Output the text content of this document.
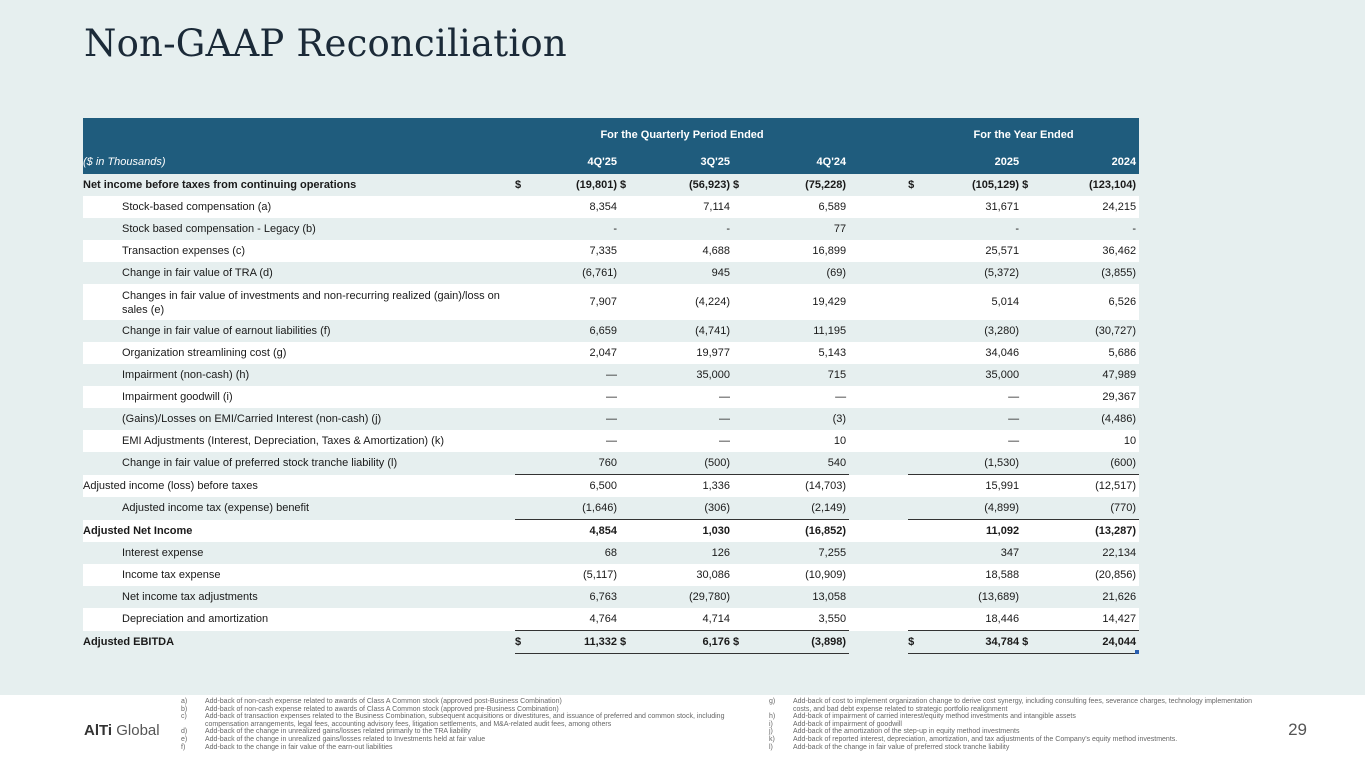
Non-GAAP Reconciliation
	For the Quarterly Period Ended							For the Year Ended			
($ in Thousands)		4Q'25		3Q'25		4Q'24			2025		2024
Net income before taxes from continuing operations	$	(19,801)	$	(56,923)	$	(75,228)		$	(105,129)	$	(123,104)
Stock-based compensation (a)		8,354		7,114		6,589			31,671		24,215
Stock based compensation - Legacy (b)		-		-		77			-		-
Transaction expenses (c)		7,335		4,688		16,899			25,571		36,462
Change in fair value of TRA (d)		(6,761)		945		(69)			(5,372)		(3,855)
Changes in fair value of investments and non-recurring realized (gain)/loss on sales (e)		7,907		(4,224)		19,429			5,014		6,526
Change in fair value of earnout liabilities (f)		6,659		(4,741)		11,195			(3,280)		(30,727)
Organization streamlining cost (g)		2,047		19,977		5,143			34,046		5,686
Impairment (non-cash) (h)		—		35,000		715			35,000		47,989
Impairment goodwill (i)		—		—		—			—		29,367
(Gains)/Losses on EMI/Carried Interest (non-cash) (j)		—		—		(3)			—		(4,486)
EMI Adjustments (Interest, Depreciation, Taxes & Amortization) (k)		—		—		10			—		10
Change in fair value of preferred stock tranche liability (l)		760		(500)		540			(1,530)		(600)
Adjusted income (loss) before taxes		6,500		1,336		(14,703)			15,991		(12,517)
Adjusted income tax (expense) benefit		(1,646)		(306)		(2,149)			(4,899)		(770)
Adjusted Net Income		4,854		1,030		(16,852)			11,092		(13,287)
Interest expense		68		126		7,255			347		22,134
Income tax expense		(5,117)		30,086		(10,909)			18,588		(20,856)
Net income tax adjustments		6,763		(29,780)		13,058			(13,689)		21,626
Depreciation and amortization		4,764		4,714		3,550			18,446		14,427
Adjusted EBITDA	$	11,332	$	6,176	$	(3,898)		$	34,784	$	24,044
AlTi Global	29
a)	Add-back of non-cash expense related to awards of Class A Common stock (approved post-Business Combination)
b)	Add-back of non-cash expense related to awards of Class A Common stock (approved pre-Business Combination)
c)	Add-back of transaction expenses related to the Business Combination, subsequent acquisitions or divestitures, and issuance of preferred and common stock, including compensation arrangements, legal fees, accounting advisory fees, litigation settlements, and M&A-related audit fees, among others
d)	Add-back of the change in unrealized gains/losses related primarily to the TRA liability
e)	Add-back of the change in unrealized gains/losses related to Investments held at fair value
f)	Add-back to the change in fair value of the earn-out liabilities
g)	Add-back of cost to implement organization change to derive cost synergy, including consulting fees, severance charges, technology implementation costs, and bad debt expense related to strategic portfolio realignment
h)	Add-back of impairment of carried interest/equity method investments and intangible assets
i)	Add-back of impairment of goodwill
j)	Add-back of the amortization of the step-up in equity method investments
k)	Add-back of reported interest, depreciation, amortization, and tax adjustments of the Company's equity method investments.
l)	Add-back of the change in fair value of preferred stock tranche liability
